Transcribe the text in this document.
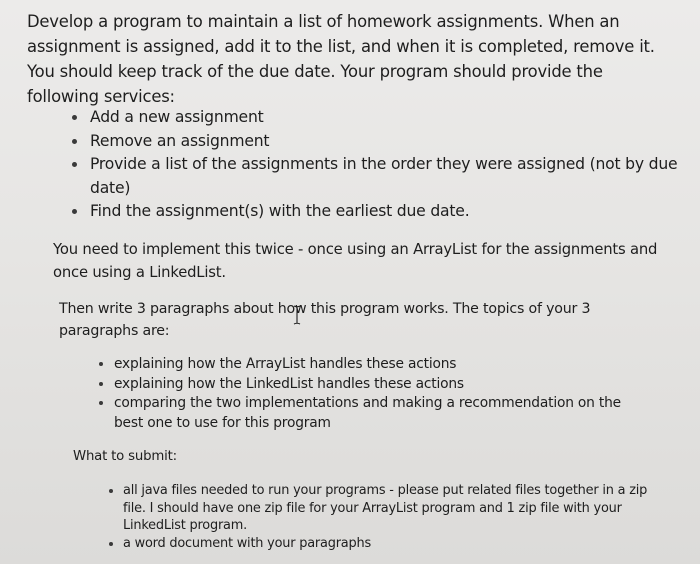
Develop a program to maintain a list of homework assignments. When an assignment is assigned, add it to the list, and when it is completed, remove it. You should keep track of the due date. Your program should provide the following services:
• Add a new assignment
• Remove an assignment
• Provide a list of the assignments in the order they were assigned (not by due date)
• Find the assignment(s) with the earliest due date.
You need to implement this twice - once using an ArrayList for the assignments and once using a LinkedList.
Then write 3 paragraphs about how this program works. The topics of your 3 paragraphs are:
• explaining how the ArrayList handles these actions
• explaining how the LinkedList handles these actions
• comparing the two implementations and making a recommendation on the best one to use for this program
What to submit:
• all java files needed to run your programs - please put related files together in a zip file. I should have one zip file for your ArrayList program and 1 zip file with your LinkedList program.
• a word document with your paragraphs
